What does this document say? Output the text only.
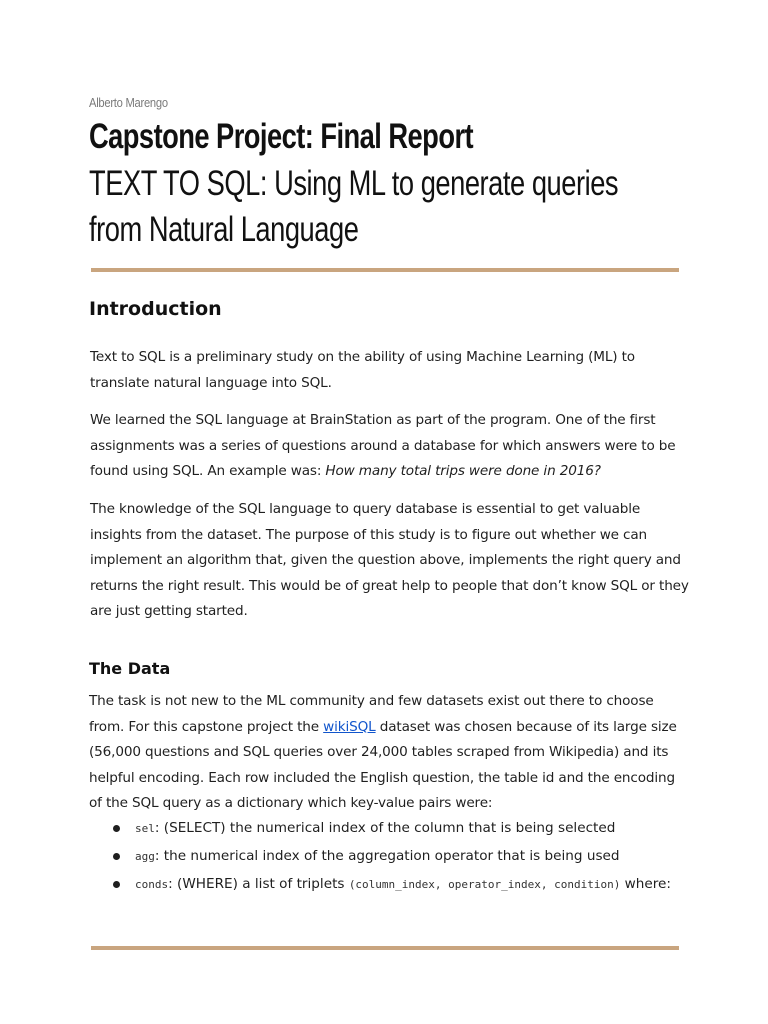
Alberto Marengo
Capstone Project: Final Report
TEXT TO SQL: Using ML to generate queries from Natural Language
Introduction

Text to SQL is a preliminary study on the ability of using Machine Learning (ML) to translate natural language into SQL.

We learned the SQL language at BrainStation as part of the program. One of the first assignments was a series of questions around a database for which answers were to be found using SQL. An example was: How many total trips were done in 2016?

The knowledge of the SQL language to query database is essential to get valuable insights from the dataset. The purpose of this study is to figure out whether we can implement an algorithm that, given the question above, implements the right query and returns the right result. This would be of great help to people that don’t know SQL or they are just getting started.

The Data

The task is not new to the ML community and few datasets exist out there to choose from. For this capstone project the wikiSQL dataset was chosen because of its large size (56,000 questions and SQL queries over 24,000 tables scraped from Wikipedia) and its helpful encoding. Each row included the English question, the table id and the encoding of the SQL query as a dictionary which key-value pairs were:

sel: (SELECT) the numerical index of the column that is being selected
agg: the numerical index of the aggregation operator that is being used
conds: (WHERE) a list of triplets (column_index, operator_index, condition) where:
